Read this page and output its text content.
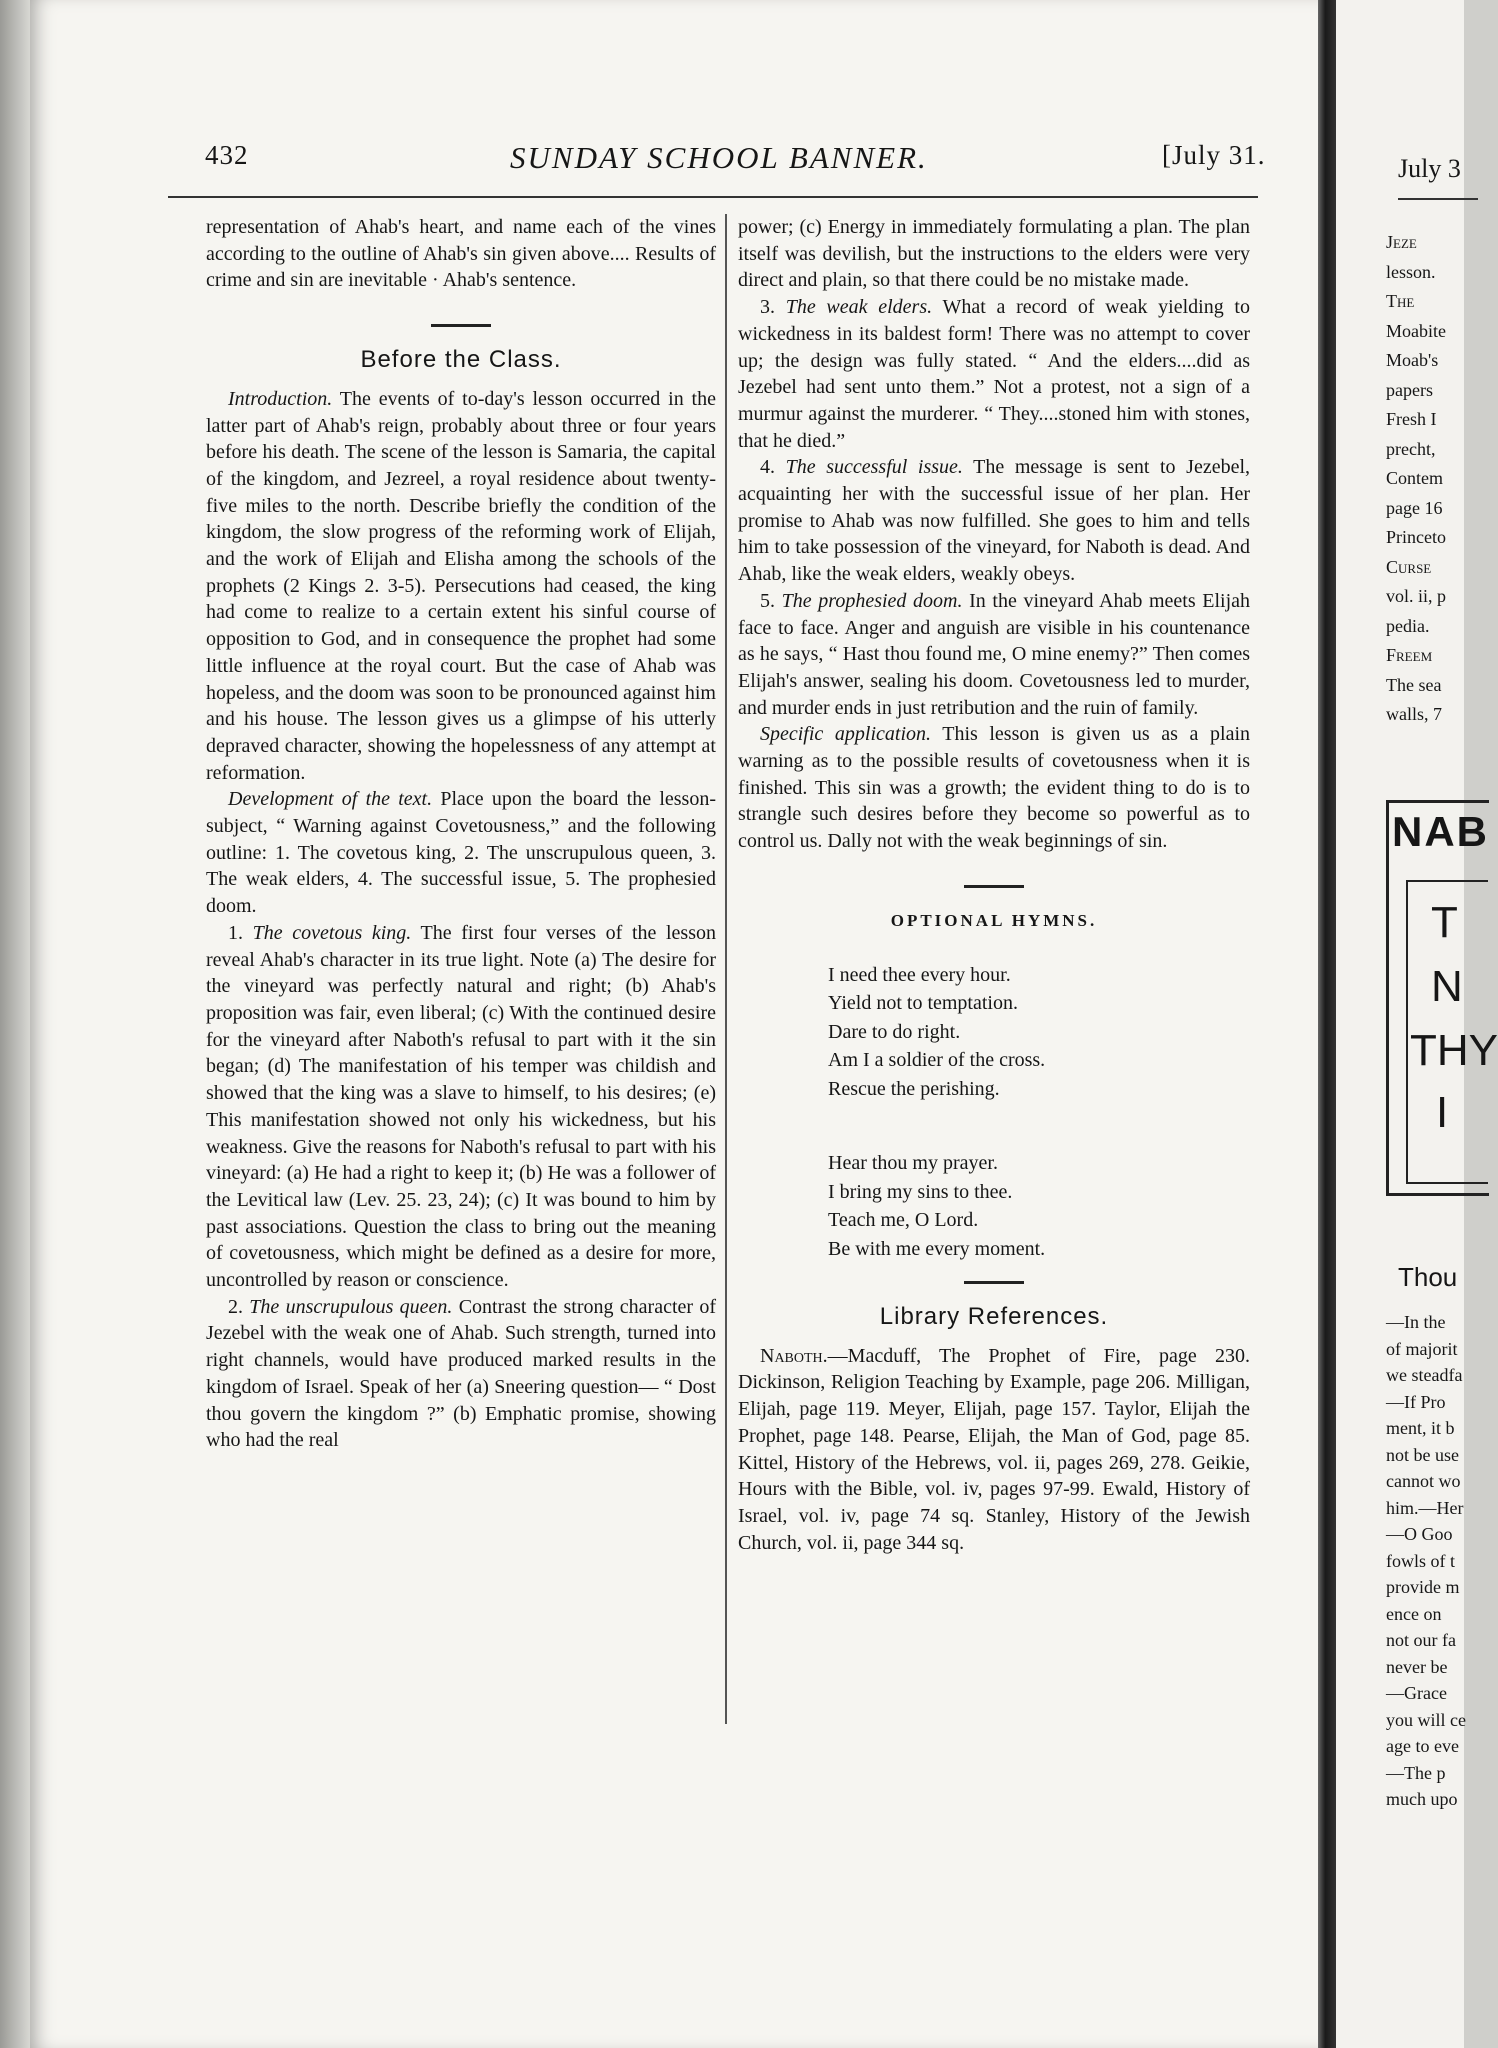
432	SUNDAY SCHOOL BANNER.	[July 31.

representation of Ahab's heart, and name each of the vines according to the outline of Ahab's sin given above.... Results of crime and sin are inevitable · Ahab's sentence.

Before the Class.

Introduction. The events of to-day's lesson occurred in the latter part of Ahab's reign, probably about three or four years before his death. The scene of the lesson is Samaria, the capital of the kingdom, and Jezreel, a royal residence about twenty-five miles to the north. Describe briefly the condition of the kingdom, the slow progress of the reforming work of Elijah, and the work of Elijah and Elisha among the schools of the prophets (2 Kings 2. 3-5). Persecutions had ceased, the king had come to realize to a certain extent his sinful course of opposition to God, and in consequence the prophet had some little influence at the royal court. But the case of Ahab was hopeless, and the doom was soon to be pronounced against him and his house. The lesson gives us a glimpse of his utterly depraved character, showing the hopelessness of any attempt at reformation.

Development of the text. Place upon the board the lesson-subject, “ Warning against Covetousness,” and the following outline: 1. The covetous king, 2. The unscrupulous queen, 3. The weak elders, 4. The successful issue, 5. The prophesied doom.

1. The covetous king. The first four verses of the lesson reveal Ahab's character in its true light. Note (a) The desire for the vineyard was perfectly natural and right; (b) Ahab's proposition was fair, even liberal; (c) With the continued desire for the vineyard after Naboth's refusal to part with it the sin began; (d) The manifestation of his temper was childish and showed that the king was a slave to himself, to his desires; (e) This manifestation showed not only his wickedness, but his weakness. Give the reasons for Naboth's refusal to part with his vineyard: (a) He had a right to keep it; (b) He was a follower of the Levitical law (Lev. 25. 23, 24); (c) It was bound to him by past associations. Question the class to bring out the meaning of covetousness, which might be defined as a desire for more, uncontrolled by reason or conscience.

2. The unscrupulous queen. Contrast the strong character of Jezebel with the weak one of Ahab. Such strength, turned into right channels, would have produced marked results in the kingdom of Israel. Speak of her (a) Sneering question— “ Dost thou govern the kingdom ?” (b) Emphatic promise, showing who had the real

power; (c) Energy in immediately formulating a plan. The plan itself was devilish, but the instructions to the elders were very direct and plain, so that there could be no mistake made.

3. The weak elders. What a record of weak yielding to wickedness in its baldest form! There was no attempt to cover up; the design was fully stated. “ And the elders....did as Jezebel had sent unto them.” Not a protest, not a sign of a murmur against the murderer. “ They....stoned him with stones, that he died.”

4. The successful issue. The message is sent to Jezebel, acquainting her with the successful issue of her plan. Her promise to Ahab was now fulfilled. She goes to him and tells him to take possession of the vineyard, for Naboth is dead. And Ahab, like the weak elders, weakly obeys.

5. The prophesied doom. In the vineyard Ahab meets Elijah face to face. Anger and anguish are visible in his countenance as he says, “ Hast thou found me, O mine enemy?” Then comes Elijah's answer, sealing his doom. Covetousness led to murder, and murder ends in just retribution and the ruin of family.

Specific application. This lesson is given us as a plain warning as to the possible results of covetousness when it is finished. This sin was a growth; the evident thing to do is to strangle such desires before they become so powerful as to control us. Dally not with the weak beginnings of sin.

OPTIONAL HYMNS.
I need thee every hour.
Yield not to temptation.
Dare to do right.
Am I a soldier of the cross.
Rescue the perishing.
Hear thou my prayer.
I bring my sins to thee.
Teach me, O Lord.
Be with me every moment.
Library References.

Naboth.—Macduff, The Prophet of Fire, page 230. Dickinson, Religion Teaching by Example, page 206. Milligan, Elijah, page 119. Meyer, Elijah, page 157. Taylor, Elijah the Prophet, page 148. Pearse, Elijah, the Man of God, page 85. Kittel, History of the Hebrews, vol. ii, pages 269, 278. Geikie, Hours with the Bible, vol. iv, pages 97-99. Ewald, History of Israel, vol. iv, page 74 sq. Stanley, History of the Jewish Church, vol. ii, page 344 sq.

July 3
Jeze
lesson.
The
Moabite
Moab's
papers
Fresh I
precht,
Contem
page 16
Princeto
Curse
vol. ii, p
pedia.
Freem
The sea
walls, 7
NAB
T
N
THY
I
Thou
—In the
of majorit
we steadfa
—If Pro
ment, it b
not be use
cannot wo
him.—Her
—O Goo
fowls of t
provide m
ence on
not our fa
never be
—Grace
you will ce
age to eve
—The p
much upo
